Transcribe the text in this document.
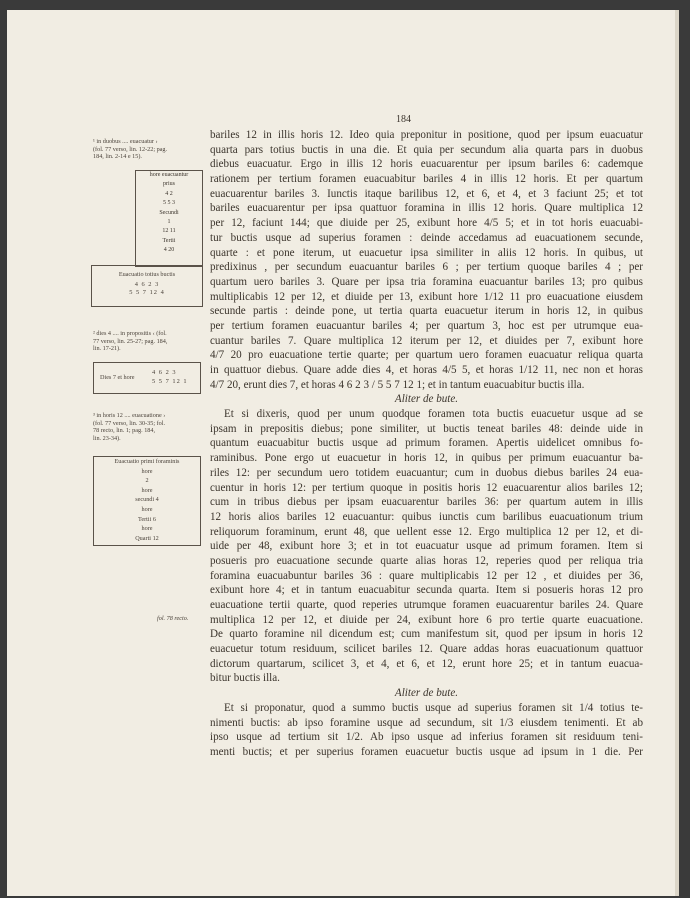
184
¹ in duobus .... euacuatur ›
(fol. 77 verso, lin. 12-22; pag.
184, lin. 2-14 e 15).
Euacuatio totius buctis
4 6 2 3
5 5 7 12 4
hore euacuantur
prius
4 2
5 5 3
Secundi
1
12 11
Tertii
4 20
² dies 4 .... in propositis ‹ (fol.
77 verso, lin. 25-27; pag. 184,
lin. 17-21).
Dies 7 et hore
4 6 2 3
5 5 7 12 1
³ in horis 12 .... euacuatione ›
(fol. 77 verso, lin. 30-35; fol.
78 recto, lin. 1; pag. 184,
lin. 23-34).
Euacuatio primi foraminis
hore
2
hore
secundi 4
hore
Tertii 6
hore
Quarti 12
fol. 78 recto.
bariles 12 in illis horis 12. Ideo quia preponitur in positione, quod per ipsum euacuatur
quarta pars totius buctis in una die. Et quia per secundum alia quarta pars in duobus
diebus euacuatur. Ergo in illis 12 horis euacuarentur per ipsum bariles 6: cademque
rationem per tertium foramen euacuabitur bariles 4 in illis 12 horis. Et per quartum
euacuarentur bariles 3. Iunctis itaque barilibus 12, et 6, et 4, et 3 faciunt 25; et tot
bariles euacuarentur per ipsa quattuor foramina in illis 12 horis. Quare multiplica 12
per 12, faciunt 144; que diuide per 25, exibunt hore 4/5 5; et in tot horis euacuabi-
tur buctis usque ad superius foramen : deinde accedamus ad euacuationem secunde,
quarte : et pone iterum, ut euacuetur ipsa similiter in aliis 12 horis. In quibus, ut
predixinus , per secundum euacuantur bariles 6 ; per tertium quoque bariles 4 ; per
quartum uero bariles 3. Quare per ipsa tria foramina euacuantur bariles 13; pro quibus
multiplicabis 12 per 12, et diuide per 13, exibunt hore 1/12 11 pro euacuatione eiusdem
secunde partis : deinde pone, ut tertia quarta euacuetur iterum in horis 12, in quibus
per tertium foramen euacuantur bariles 4; per quartum 3, hoc est per utrumque eua-
cuantur bariles 7. Quare multiplica 12 iterum per 12, et diuides per 7, exibunt hore
4/7 20 pro euacuatione tertie quarte; per quartum uero foramen euacuatur reliqua quarta
in quattuor diebus. Quare adde dies 4, et horas 4/5 5, et horas 1/12 11, nec non et horas
4/7 20, erunt dies 7, et horas 4 6 2 3 / 5 5 7 12 1; et in tantum euacuabitur buctis illa.
Aliter de bute.
Et si dixeris, quod per unum quodque foramen tota buctis euacuetur usque ad se
ipsam in prepositis diebus; pone similiter, ut buctis teneat bariles 48: deinde uide in
quantum euacuabitur buctis usque ad primum foramen. Apertis uidelicet omnibus fo-
raminibus. Pone ergo ut euacuetur in horis 12, in quibus per primum euacuantur ba-
riles 12: per secundum uero totidem euacuantur; cum in duobus diebus bariles 24 eua-
cuentur in horis 12: per tertium quoque in positis horis 12 euacuarentur alios bariles 12;
cum in tribus diebus per ipsam euacuarentur bariles 36: per quartum autem in illis
12 horis alios bariles 12 euacuantur: quibus iunctis cum barilibus euacuationum trium
reliquorum foraminum, erunt 48, que uellent esse 12. Ergo multiplica 12 per 12, et di-
uide per 48, exibunt hore 3; et in tot euacuatur usque ad primum foramen. Item si
posueris pro euacuatione secunde quarte alias horas 12, reperies quod per reliqua tria
foramina euacuabuntur bariles 36 : quare multiplicabis 12 per 12 , et diuides per 36,
exibunt hore 4; et in tantum euacuabitur secunda quarta. Item si posueris horas 12 pro
euacuatione tertii quarte, quod reperies utrumque foramen euacuarentur bariles 24. Quare
multiplica 12 per 12, et diuide per 24, exibunt hore 6 pro tertie quarte euacuatione.
De quarto foramine nil dicendum est; cum manifestum sit, quod per ipsum in horis 12
euacuetur totum residuum, scilicet bariles 12. Quare addas horas euacuationum quattuor
dictorum quartarum, scilicet 3, et 4, et 6, et 12, erunt hore 25; et in tantum euacua-
bitur buctis illa.
Aliter de bute.
Et si proponatur, quod a summo buctis usque ad superius foramen sit 1/4 totius te-
nimenti buctis: ab ipso foramine usque ad secundum, sit 1/3 eiusdem tenimenti. Et ab
ipso usque ad tertium sit 1/2. Ab ipso usque ad inferius foramen sit residuum teni-
menti buctis; et per superius foramen euacuetur buctis usque ad ipsum in 1 die. Per
